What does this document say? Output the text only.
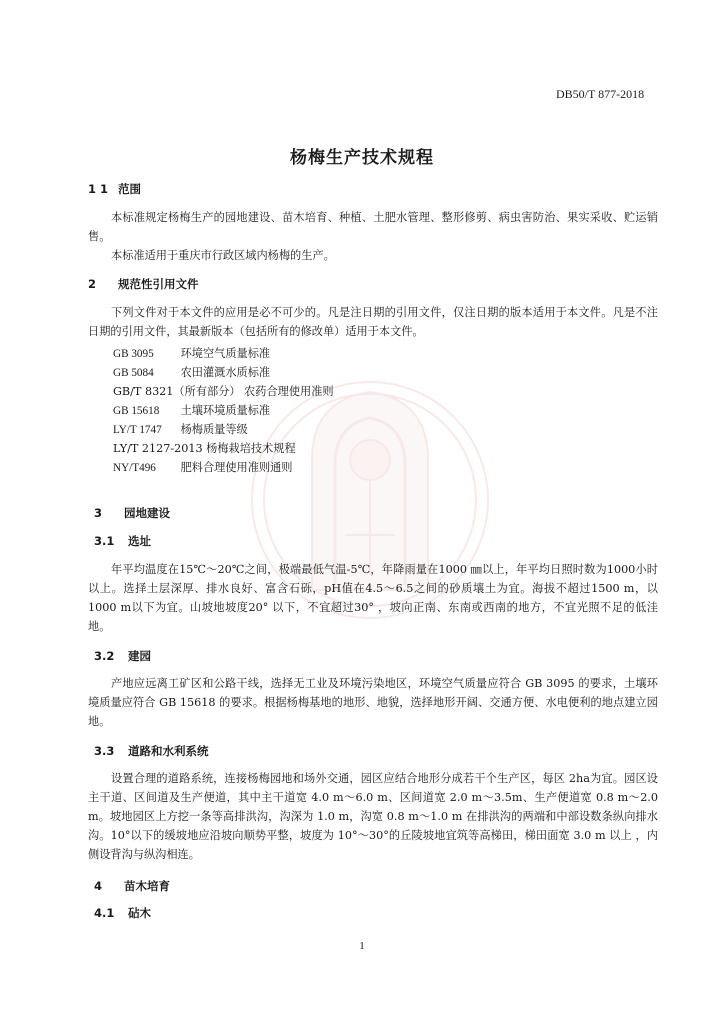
DB50/T 877-2018

杨梅生产技术规程
1 1 范围

本标准规定杨梅生产的园地建设、苗木培育、种植、土肥水管理、整形修剪、病虫害防治、果实采收、贮运销售。

本标准适用于重庆市行政区域内杨梅的生产。

2 规范性引用文件

下列文件对于本文件的应用是必不可少的。凡是注日期的引用文件，仅注日期的版本适用于本文件。凡是不注日期的引用文件，其最新版本（包括所有的修改单）适用于本文件。

GB 3095 环境空气质量标准
GB 5084 农田灌溉水质标准
GB/T 8321（所有部分） 农药合理使用准则
GB 15618 土壤环境质量标准
LY/T 1747 杨梅质量等级
LY/T 2127-2013 杨梅栽培技术规程
NY/T496 肥料合理使用准则通则
3 园地建设
3.1 选址

年平均温度在15℃～20℃之间，极端最低气温-5℃，年降雨量在1000 ㎜以上，年平均日照时数为1000小时以上。选择土层深厚、排水良好、富含石砾，pH值在4.5～6.5之间的砂质壤土为宜。海拔不超过1500 m，以1000 m以下为宜。山坡地坡度20° 以下，不宜超过30° ，坡向正南、东南或西南的地方，不宜光照不足的低洼地。

3.2 建园

产地应远离工矿区和公路干线，选择无工业及环境污染地区，环境空气质量应符合 GB 3095 的要求，土壤环境质量应符合 GB 15618 的要求。根据杨梅基地的地形、地貌，选择地形开阔、交通方便、水电便利的地点建立园地。

3.3 道路和水利系统

设置合理的道路系统，连接杨梅园地和场外交通，园区应结合地形分成若干个生产区，每区 2ha为宜。园区设主干道、区间道及生产便道，其中主干道宽 4.0 m～6.0 m、区间道宽 2.0 m～3.5m、生产便道宽 0.8 m～2.0 m。坡地园区上方挖一条等高排洪沟，沟深为 1.0 m，沟宽 0.8 m～1.0 m 在排洪沟的两端和中部设数条纵向排水沟。10°以下的缓坡地应沿坡向顺势平整，坡度为 10°～30°的丘陵坡地宜筑等高梯田，梯田面宽 3.0 m 以上 ，内侧设背沟与纵沟相连。

4 苗木培育
4.1 砧木

1
